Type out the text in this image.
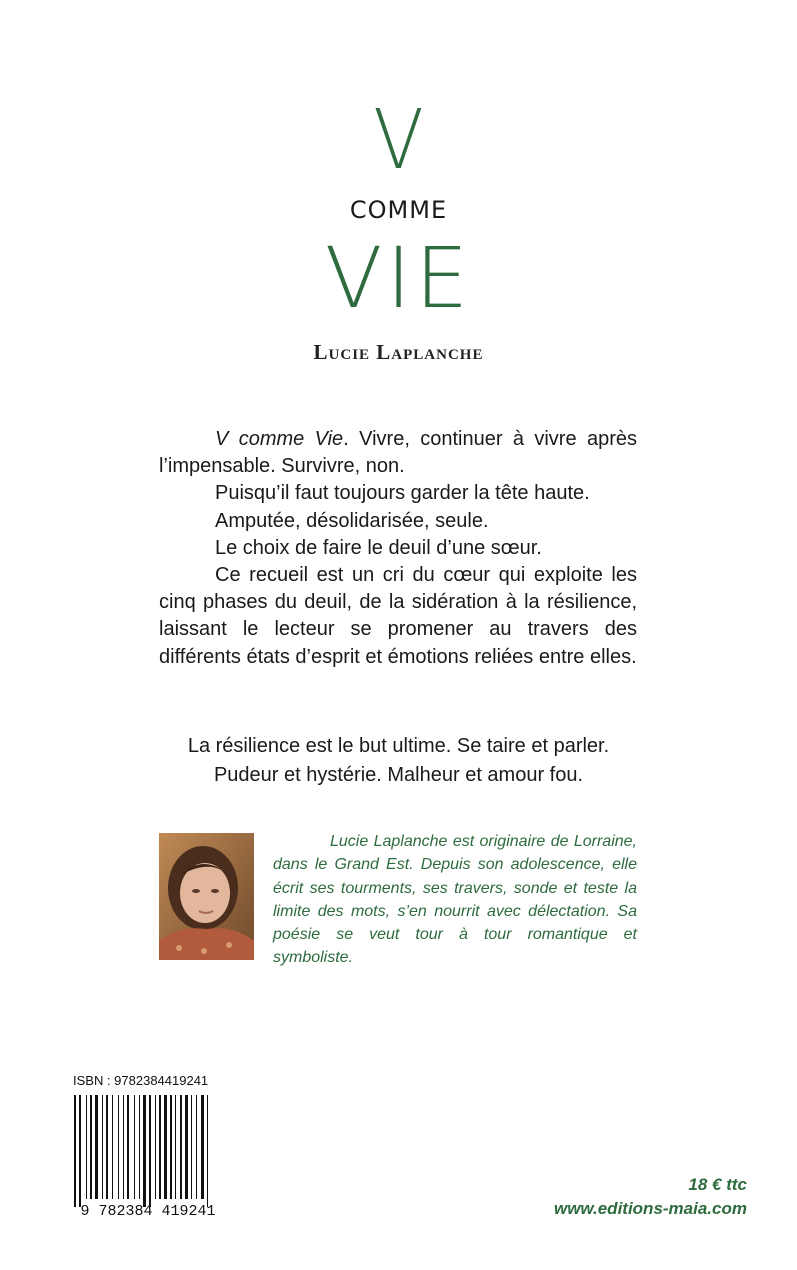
V
COMME
VIE
Lucie Laplanche

V comme Vie. Vivre, continuer à vivre après l’impensable. Survivre, non.

Puisqu’il faut toujours garder la tête haute.

Amputée, désolidarisée, seule.

Le choix de faire le deuil d’une sœur.

Ce recueil est un cri du cœur qui exploite les cinq phases du deuil, de la sidération à la résilience, laissant le lecteur se promener au travers des différents états d’esprit et émotions reliées entre elles.

La résilience est le but ultime. Se taire et parler.
Pudeur et hystérie. Malheur et amour fou.

Lucie Laplanche est originaire de Lorraine, dans le Grand Est. Depuis son adolescence, elle écrit ses tourments, ses travers, sonde et teste la limite des mots, s’en nourrit avec délectation. Sa poésie se veut tour à tour romantique et symboliste.

ISBN : 9782384419241
9 782384 419241
18 € ttc
www.editions-maia.com
